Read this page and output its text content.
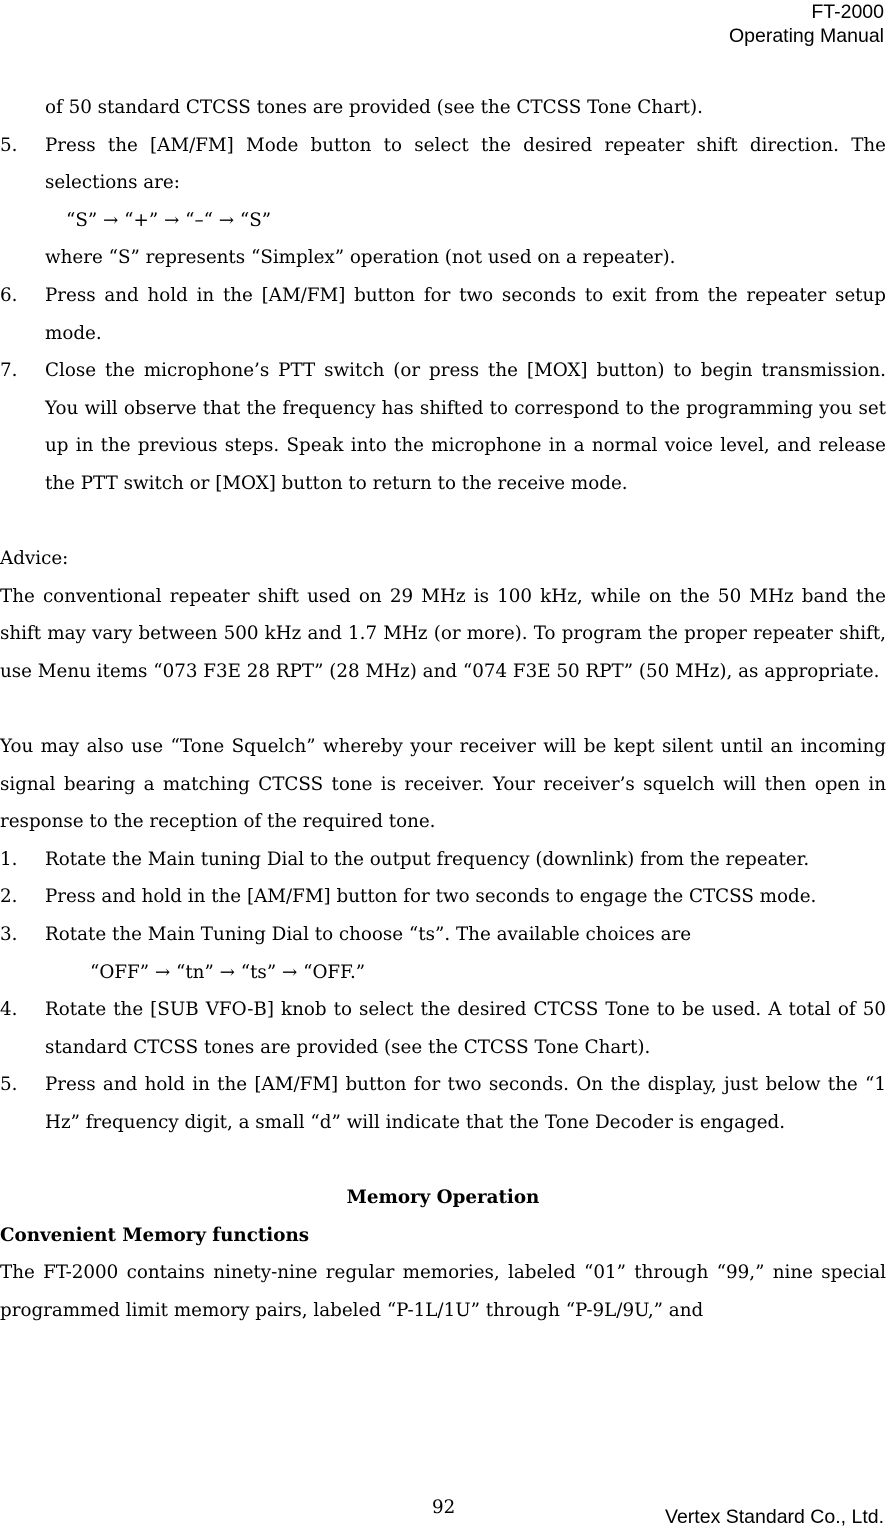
FT-2000
Operating Manual

of 50 standard CTCSS tones are provided (see the CTCSS Tone Chart).

5.	Press the [AM/FM] Mode button to select the desired repeater shift direction. The selections are:

“S” → “+” → “–“ → “S”

where “S” represents “Simplex” operation (not used on a repeater).

6.	Press and hold in the [AM/FM] button for two seconds to exit from the repeater setup mode.
7.	Close the microphone’s PTT switch (or press the [MOX] button) to begin transmission. You will observe that the frequency has shifted to correspond to the programming you set up in the previous steps. Speak into the microphone in a normal voice level, and release the PTT switch or [MOX] button to return to the receive mode.

Advice:

The conventional repeater shift used on 29 MHz is 100 kHz, while on the 50 MHz band the shift may vary between 500 kHz and 1.7 MHz (or more). To program the proper repeater shift, use Menu items “073 F3E 28 RPT” (28 MHz) and “074 F3E 50 RPT” (50 MHz), as appropriate.

You may also use “Tone Squelch” whereby your receiver will be kept silent until an incoming signal bearing a matching CTCSS tone is receiver. Your receiver’s squelch will then open in response to the reception of the required tone.

1.	Rotate the Main tuning Dial to the output frequency (downlink) from the repeater.
2.	Press and hold in the [AM/FM] button for two seconds to engage the CTCSS mode.
3.	Rotate the Main Tuning Dial to choose “ts”. The available choices are

“OFF” → “tn” → “ts” → “OFF.”

4.	Rotate the [SUB VFO-B] knob to select the desired CTCSS Tone to be used. A total of 50 standard CTCSS tones are provided (see the CTCSS Tone Chart).
5.	Press and hold in the [AM/FM] button for two seconds. On the display, just below the “1 Hz” frequency digit, a small “d” will indicate that the Tone Decoder is engaged.

Memory Operation

Convenient Memory functions

The FT-2000 contains ninety-nine regular memories, labeled “01” through “99,” nine special programmed limit memory pairs, labeled “P-1L/1U” through “P-9L/9U,” and

92	Vertex Standard Co., Ltd.
